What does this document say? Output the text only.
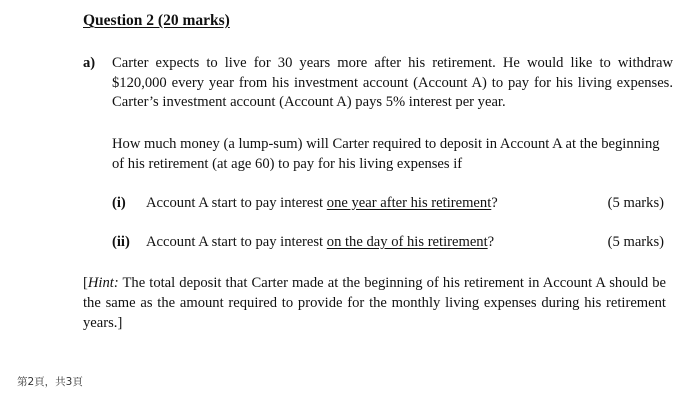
Question 2 (20 marks)
a) Carter expects to live for 30 years more after his retirement. He would like to withdraw $120,000 every year from his investment account (Account A) to pay for his living expenses. Carter’s investment account (Account A) pays 5% interest per year.
How much money (a lump-sum) will Carter required to deposit in Account A at the beginning of his retirement (at age 60) to pay for his living expenses if
(i) Account A start to pay interest one year after his retirement?	(5 marks)
(ii) Account A start to pay interest on the day of his retirement?	(5 marks)
[Hint: The total deposit that Carter made at the beginning of his retirement in Account A should be the same as the amount required to provide for the monthly living expenses during his retirement years.]
第2頁，共3頁
